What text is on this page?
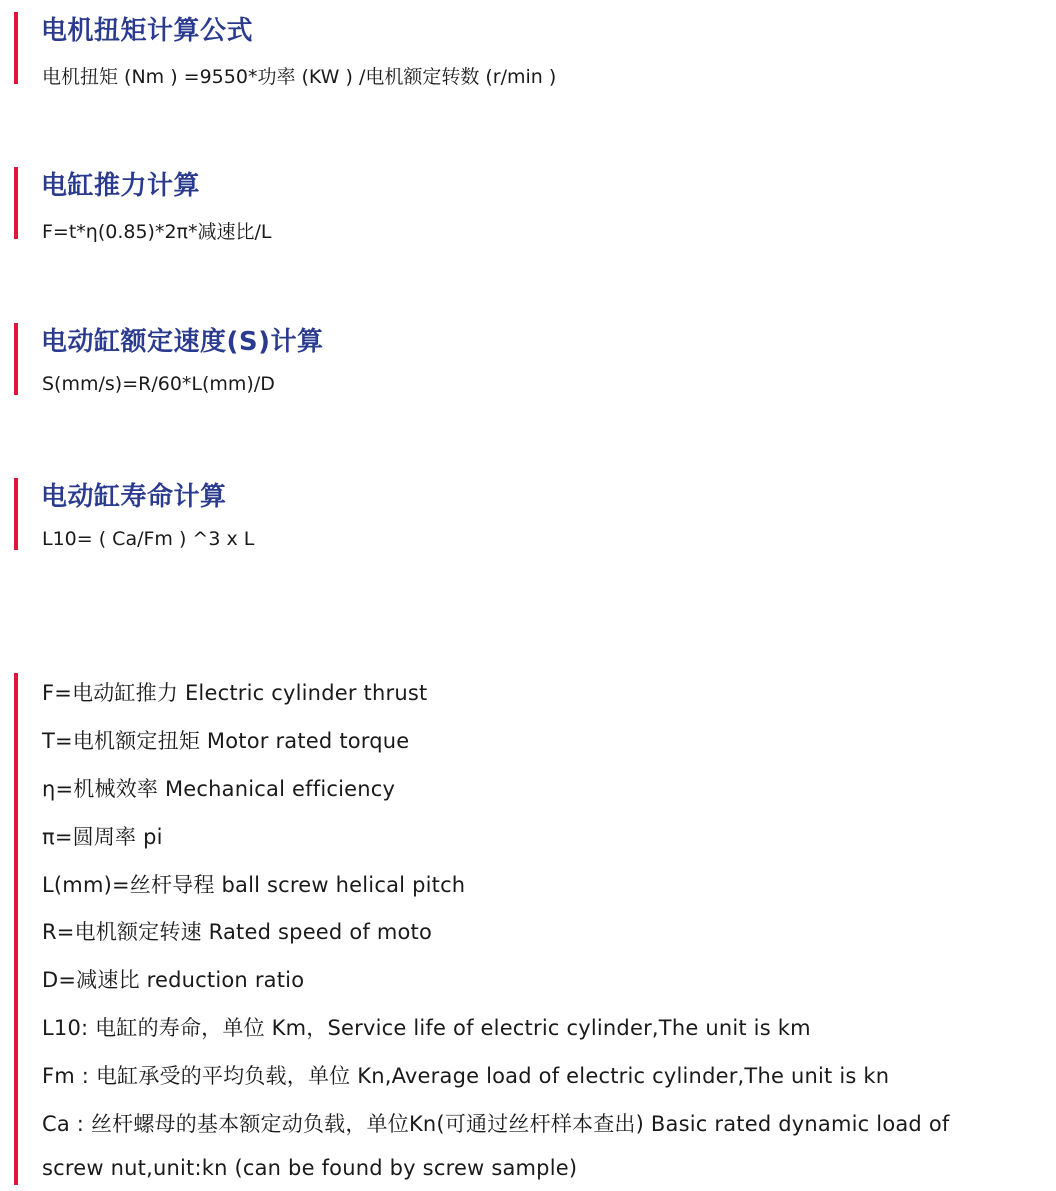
电机扭矩计算公式
电机扭矩 (Nm ) =9550*功率 (KW ) /电机额定转数 (r/min )
电缸推力计算
F=t*η(0.85)*2π*减速比/L
电动缸额定速度(S)计算
S(mm/s)=R/60*L(mm)/D
电动缸寿命计算
L10= ( Ca/Fm ) ^3 x L
F=电动缸推力 Electric cylinder thrust
T=电机额定扭矩 Motor rated torque
η=机械效率 Mechanical efficiency
π=圆周率 pi
L(mm)=丝杆导程 ball screw helical pitch
R=电机额定转速 Rated speed of moto
D=减速比 reduction ratio
L10: 电缸的寿命，单位 Km，Service life of electric cylinder,The unit is km
Fm : 电缸承受的平均负载，单位 Kn,Average load of electric cylinder,The unit is kn
Ca : 丝杆螺母的基本额定动负载，单位Kn(可通过丝杆样本查出) Basic rated dynamic load of
screw nut,unit:kn (can be found by screw sample)
